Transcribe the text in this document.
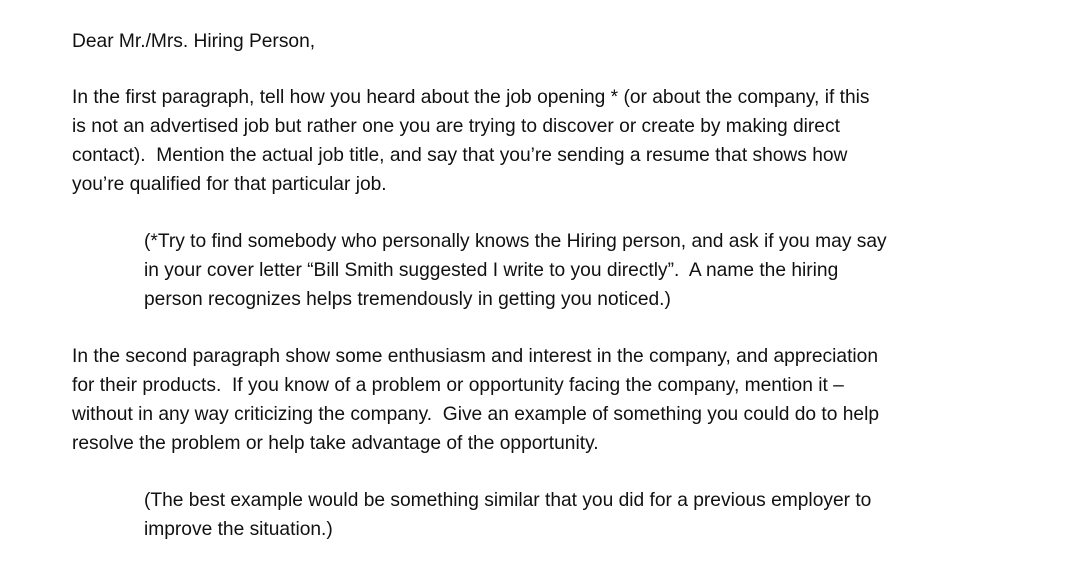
Dear Mr./Mrs. Hiring Person,
In the first paragraph, tell how you heard about the job opening * (or about the company, if this
is not an advertised job but rather one you are trying to discover or create by making direct
contact).  Mention the actual job title, and say that you’re sending a resume that shows how
you’re qualified for that particular job.
(*Try to find somebody who personally knows the Hiring person, and ask if you may say
in your cover letter “Bill Smith suggested I write to you directly”.  A name the hiring
person recognizes helps tremendously in getting you noticed.)
In the second paragraph show some enthusiasm and interest in the company, and appreciation
for their products.  If you know of a problem or opportunity facing the company, mention it –
without in any way criticizing the company.  Give an example of something you could do to help
resolve the problem or help take advantage of the opportunity.
(The best example would be something similar that you did for a previous employer to
improve the situation.)
